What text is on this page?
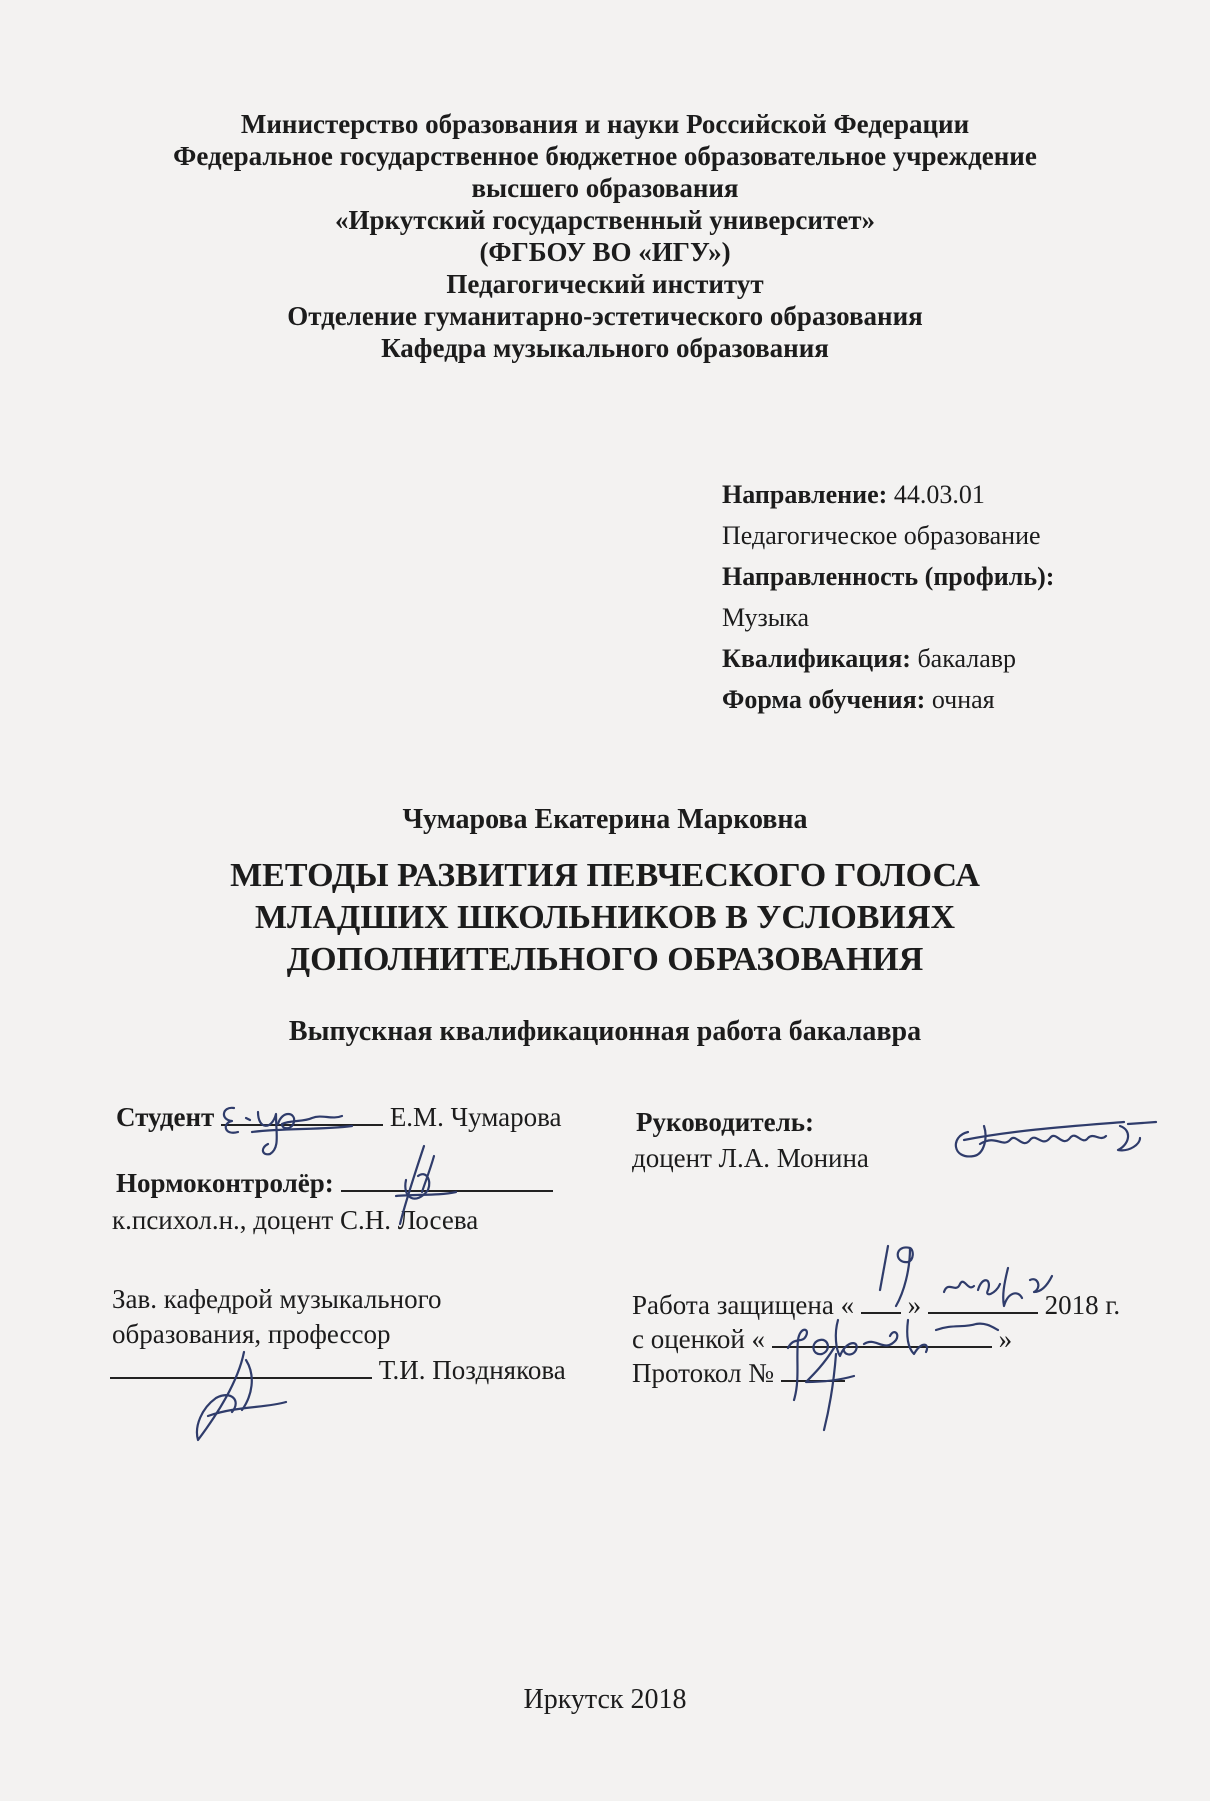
Министерство образования и науки Российской Федерации
Федеральное государственное бюджетное образовательное учреждение
высшего образования
«Иркутский государственный университет»
(ФГБОУ ВО «ИГУ»)
Педагогический институт
Отделение гуманитарно-эстетического образования
Кафедра музыкального образования
Направление: 44.03.01
Педагогическое образование
Направленность (профиль):
Музыка
Квалификация: бакалавр
Форма обучения: очная
Чумарова Екатерина Марковна
МЕТОДЫ РАЗВИТИЯ ПЕВЧЕСКОГО ГОЛОСА
МЛАДШИХ ШКОЛЬНИКОВ В УСЛОВИЯХ
ДОПОЛНИТЕЛЬНОГО ОБРАЗОВАНИЯ
Выпускная квалификационная работа бакалавра
Студент	Е.М. Чумарова	Руководитель:
доцент Л.А. Монина
Нормоконтролёр:
к.психол.н., доцент С.Н. Лосева
Зав. кафедрой музыкального
образования, профессор
Т.И. Позднякова
Работа защищена « »	2018 г.
с оценкой «	»
Протокол №
Иркутск 2018
